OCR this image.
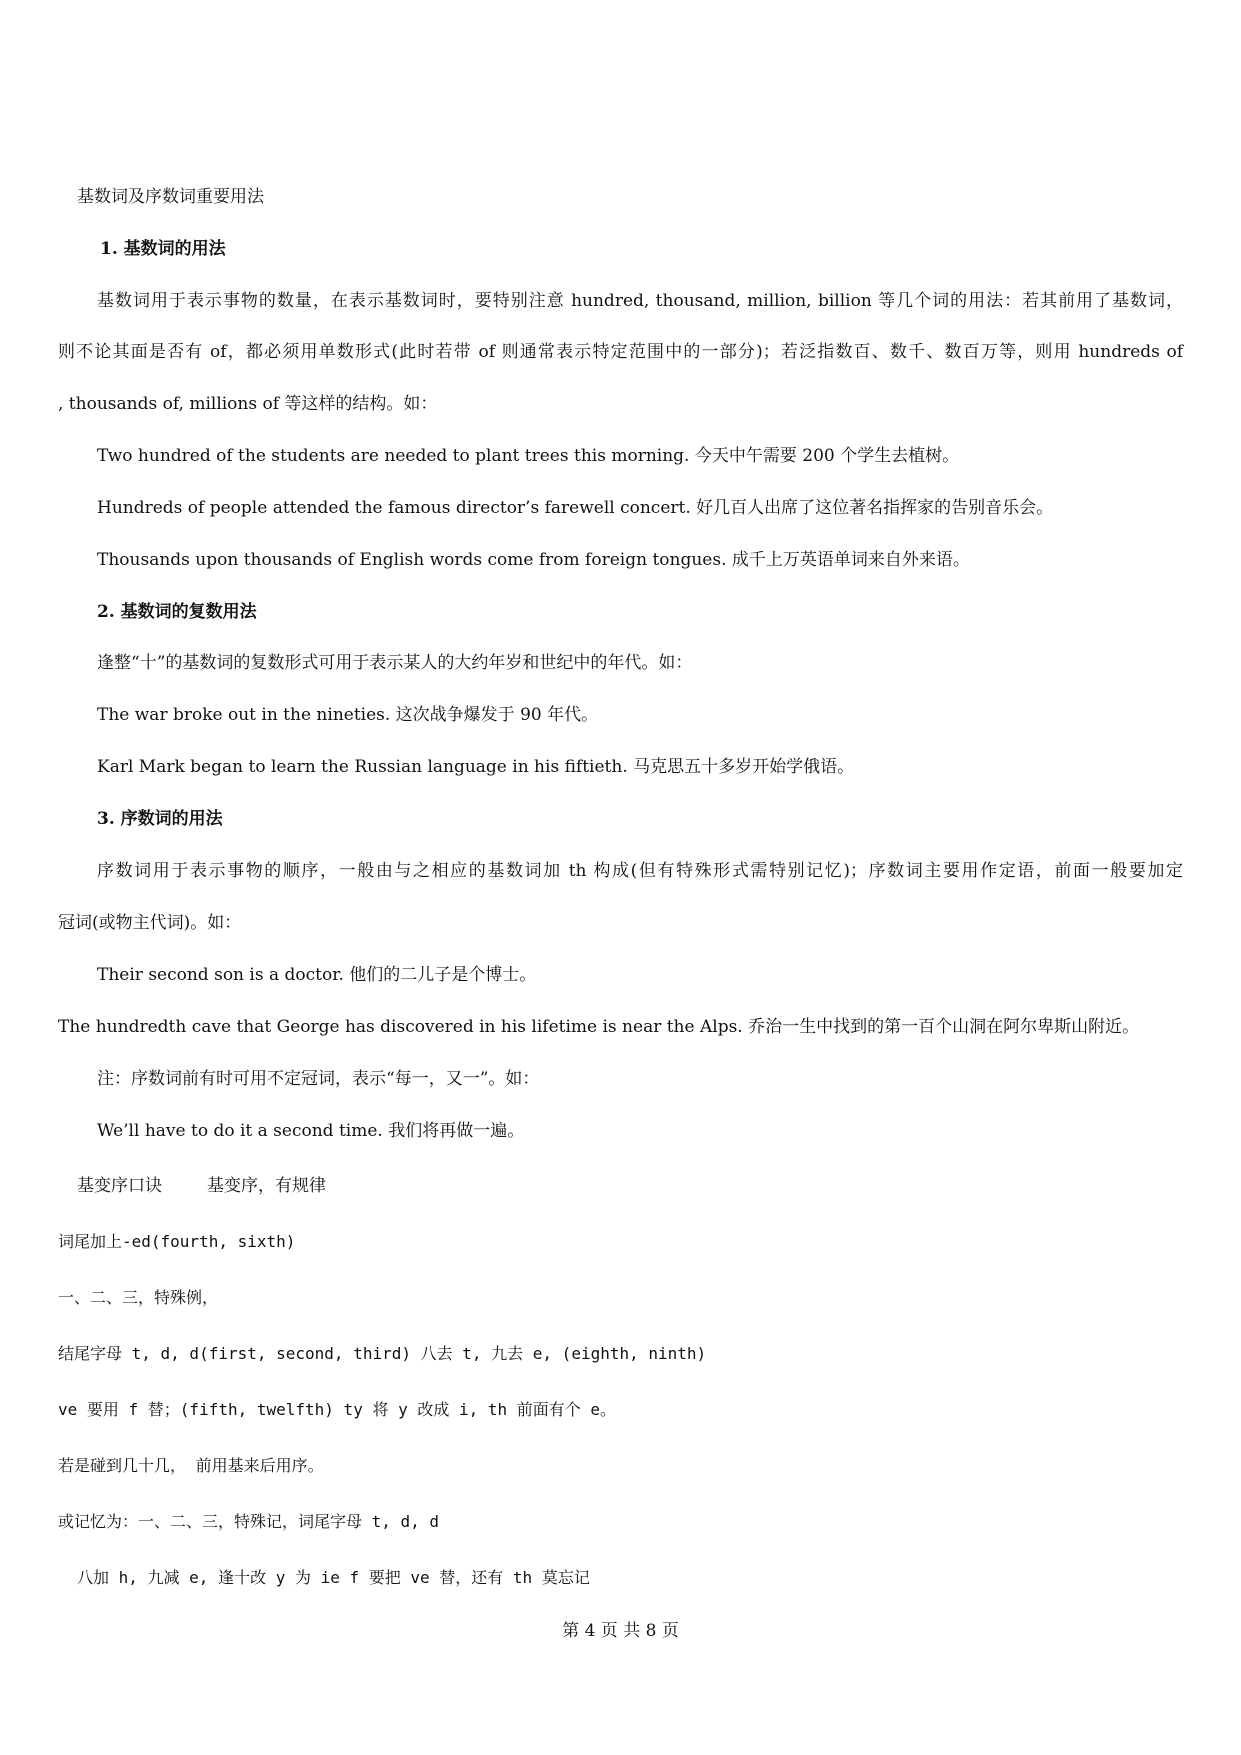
基数词及序数词重要用法
1. 基数词的用法
基数词用于表示事物的数量，在表示基数词时，要特别注意 hundred, thousand, million, billion 等几个词的用法：若其前用了基数词，
则不论其面是否有 of，都必须用单数形式(此时若带 of 则通常表示特定范围中的一部分)；若泛指数百、数千、数百万等，则用 hundreds of
, thousands of, millions of 等这样的结构。如：
Two hundred of the students are needed to plant trees this morning. 今天中午需要 200 个学生去植树。
Hundreds of people attended the famous director’s farewell concert. 好几百人出席了这位著名指挥家的告别音乐会。
Thousands upon thousands of English words come from foreign tongues. 成千上万英语单词来自外来语。
2. 基数词的复数用法
逢整“十”的基数词的复数形式可用于表示某人的大约年岁和世纪中的年代。如：
The war broke out in the nineties. 这次战争爆发于 90 年代。
Karl Mark began to learn the Russian language in his fiftieth. 马克思五十多岁开始学俄语。
3. 序数词的用法
序数词用于表示事物的顺序，一般由与之相应的基数词加 th 构成(但有特殊形式需特别记忆)；序数词主要用作定语，前面一般要加定
冠词(或物主代词)。如：
Their second son is a doctor. 他们的二儿子是个博士。
The hundredth cave that George has discovered in his lifetime is near the Alps. 乔治一生中找到的第一百个山洞在阿尔卑斯山附近。
注：序数词前有时可用不定冠词，表示“每一，又一”。如：
We’ll have to do it a second time. 我们将再做一遍。
基变序口诀	基变序，有规律
词尾加上-ed(fourth, sixth)
一、二、三，特殊例，
结尾字母 t, d, d(first, second, third) 八去 t, 九去 e, (eighth, ninth)
ve 要用 f 替；(fifth, twelfth) ty 将 y 改成 i, th 前面有个 e。
若是碰到几十几， 前用基来后用序。
或记忆为：一、二、三，特殊记，词尾字母 t, d, d
八加 h, 九减 e, 逢十改 y 为 ie f 要把 ve 替，还有 th 莫忘记
第 4 页 共 8 页
